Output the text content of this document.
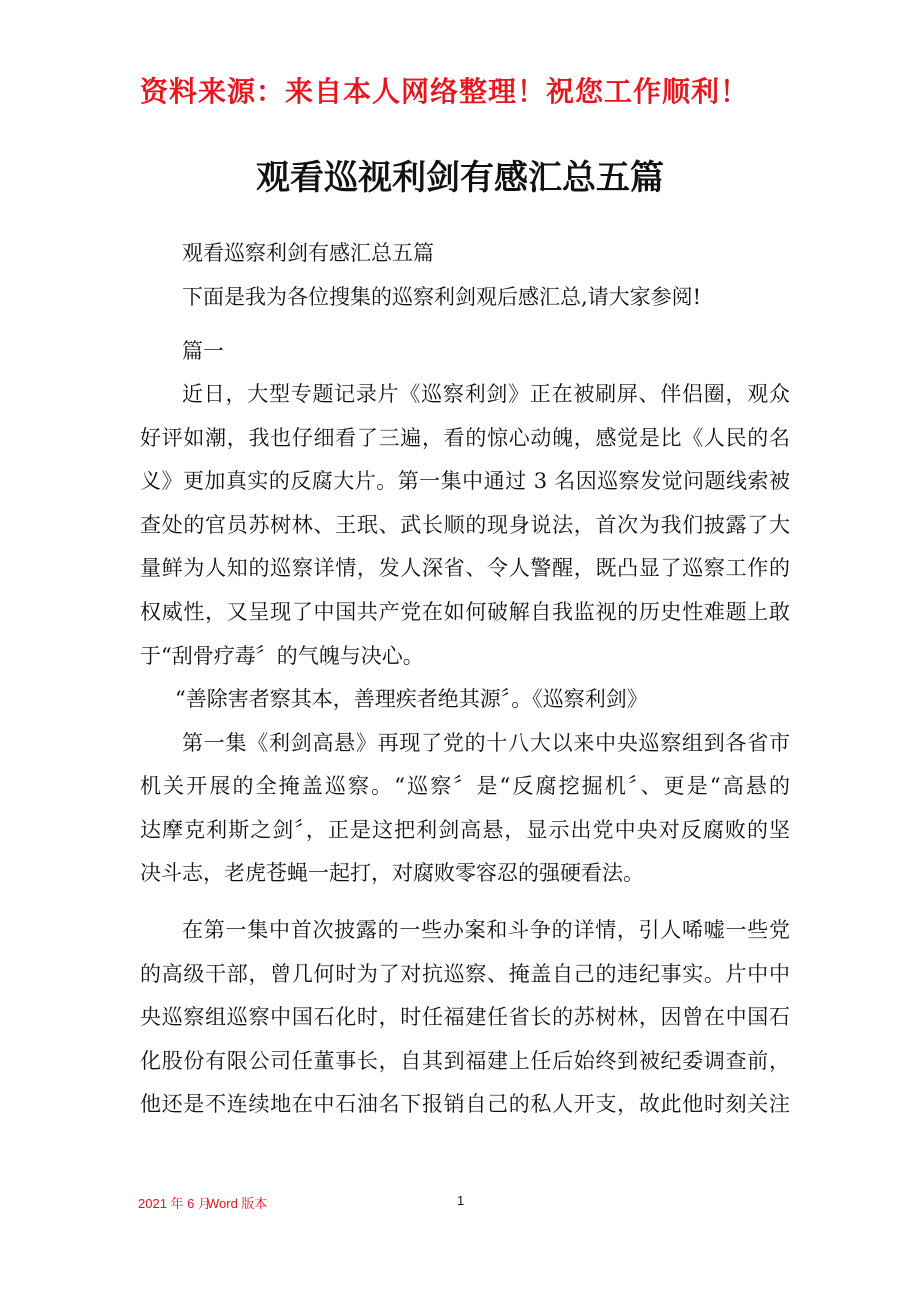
资料来源：来自本人网络整理！祝您工作顺利！
观看巡视利剑有感汇总五篇
观看巡察利剑有感汇总五篇
下面是我为各位搜集的巡察利剑观后感汇总,请大家参阅!
篇一
近日，大型专题记录片《巡察利剑》正在被刷屏、伴侣圈，观众
好评如潮，我也仔细看了三遍，看的惊心动魄，感觉是比《人民的名
义》更加真实的反腐大片。第一集中通过 3 名因巡察发觉问题线索被
查处的官员苏树林、王珉、武长顺的现身说法，首次为我们披露了大
量鲜为人知的巡察详情，发人深省、令人警醒，既凸显了巡察工作的
权威性，又呈现了中国共产党在如何破解自我监视的历史性难题上敢
于“刮骨疗毒〞的气魄与决心。
“善除害者察其本，善理疾者绝其源〞。《巡察利剑》
第一集《利剑高悬》再现了党的十八大以来中央巡察组到各省市
机关开展的全掩盖巡察。“巡察〞是“反腐挖掘机〞、更是“高悬的
达摩克利斯之剑〞，正是这把利剑高悬，显示出党中央对反腐败的坚
决斗志，老虎苍蝇一起打，对腐败零容忍的强硬看法。
在第一集中首次披露的一些办案和斗争的详情，引人唏嘘一些党
的高级干部，曾几何时为了对抗巡察、掩盖自己的违纪事实。片中中
央巡察组巡察中国石化时，时任福建任省长的苏树林，因曾在中国石
化股份有限公司任董事长，自其到福建上任后始终到被纪委调查前，
他还是不连续地在中石油名下报销自己的私人开支，故此他时刻关注
2021 年 6 月
Word 版本	1
